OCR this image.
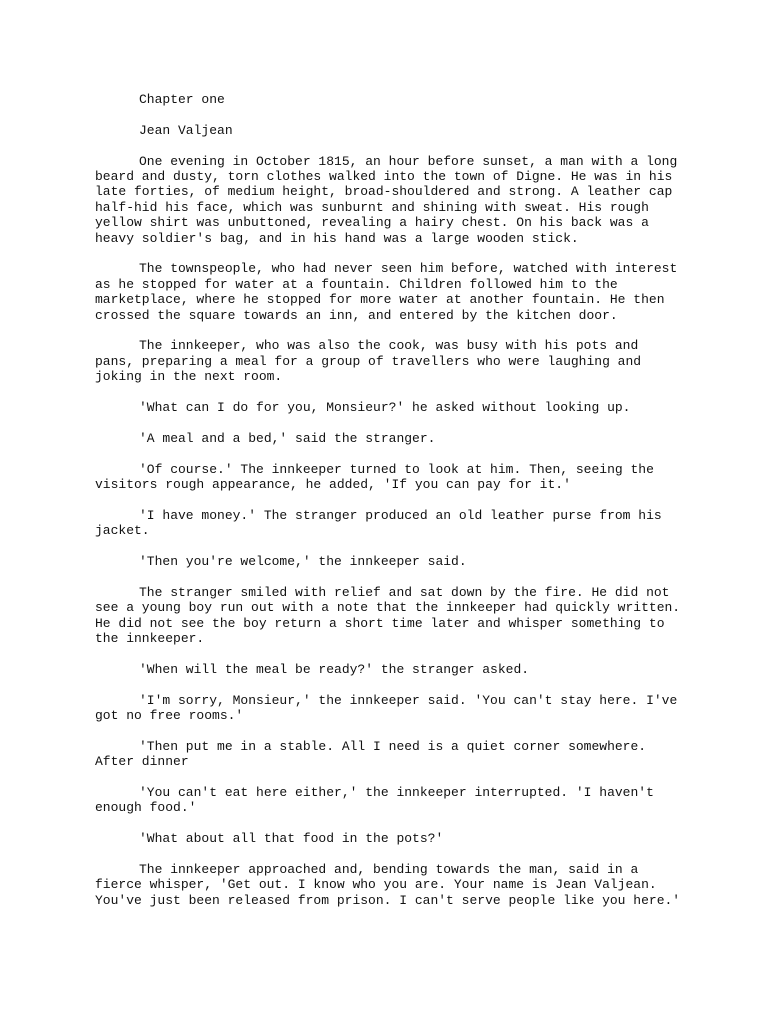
Chapter one

Jean Valjean

One evening in October 1815, an hour before sunset, a man with a long beard and dusty, torn clothes walked into the town of Digne. He was in his late forties, of medium height, broad-shouldered and strong. A leather cap half-hid his face, which was sunburnt and shining with sweat. His rough yellow shirt was unbuttoned, revealing a hairy chest. On his back was a heavy soldier's bag, and in his hand was a large wooden stick.

The townspeople, who had never seen him before, watched with interest as he stopped for water at a fountain. Children followed him to the marketplace, where he stopped for more water at another fountain. He then crossed the square towards an inn, and entered by the kitchen door.

The innkeeper, who was also the cook, was busy with his pots and pans, preparing a meal for a group of travellers who were laughing and joking in the next room.

'What can I do for you, Monsieur?' he asked without looking up.

'A meal and a bed,' said the stranger.

'Of course.' The innkeeper turned to look at him. Then, seeing the visitors rough appearance, he added, 'If you can pay for it.'

'I have money.' The stranger produced an old leather purse from his jacket.

'Then you're welcome,' the innkeeper said.

The stranger smiled with relief and sat down by the fire. He did not see a young boy run out with a note that the innkeeper had quickly written. He did not see the boy return a short time later and whisper something to the innkeeper.

'When will the meal be ready?' the stranger asked.

'I'm sorry, Monsieur,' the innkeeper said. 'You can't stay here. I've got no free rooms.'

'Then put me in a stable. All I need is a quiet corner somewhere. After dinner

'You can't eat here either,' the innkeeper interrupted. 'I haven't enough food.'

'What about all that food in the pots?'

The innkeeper approached and, bending towards the man, said in a fierce whisper, 'Get out. I know who you are. Your name is Jean Valjean. You've just been released from prison. I can't serve people like you here.'
